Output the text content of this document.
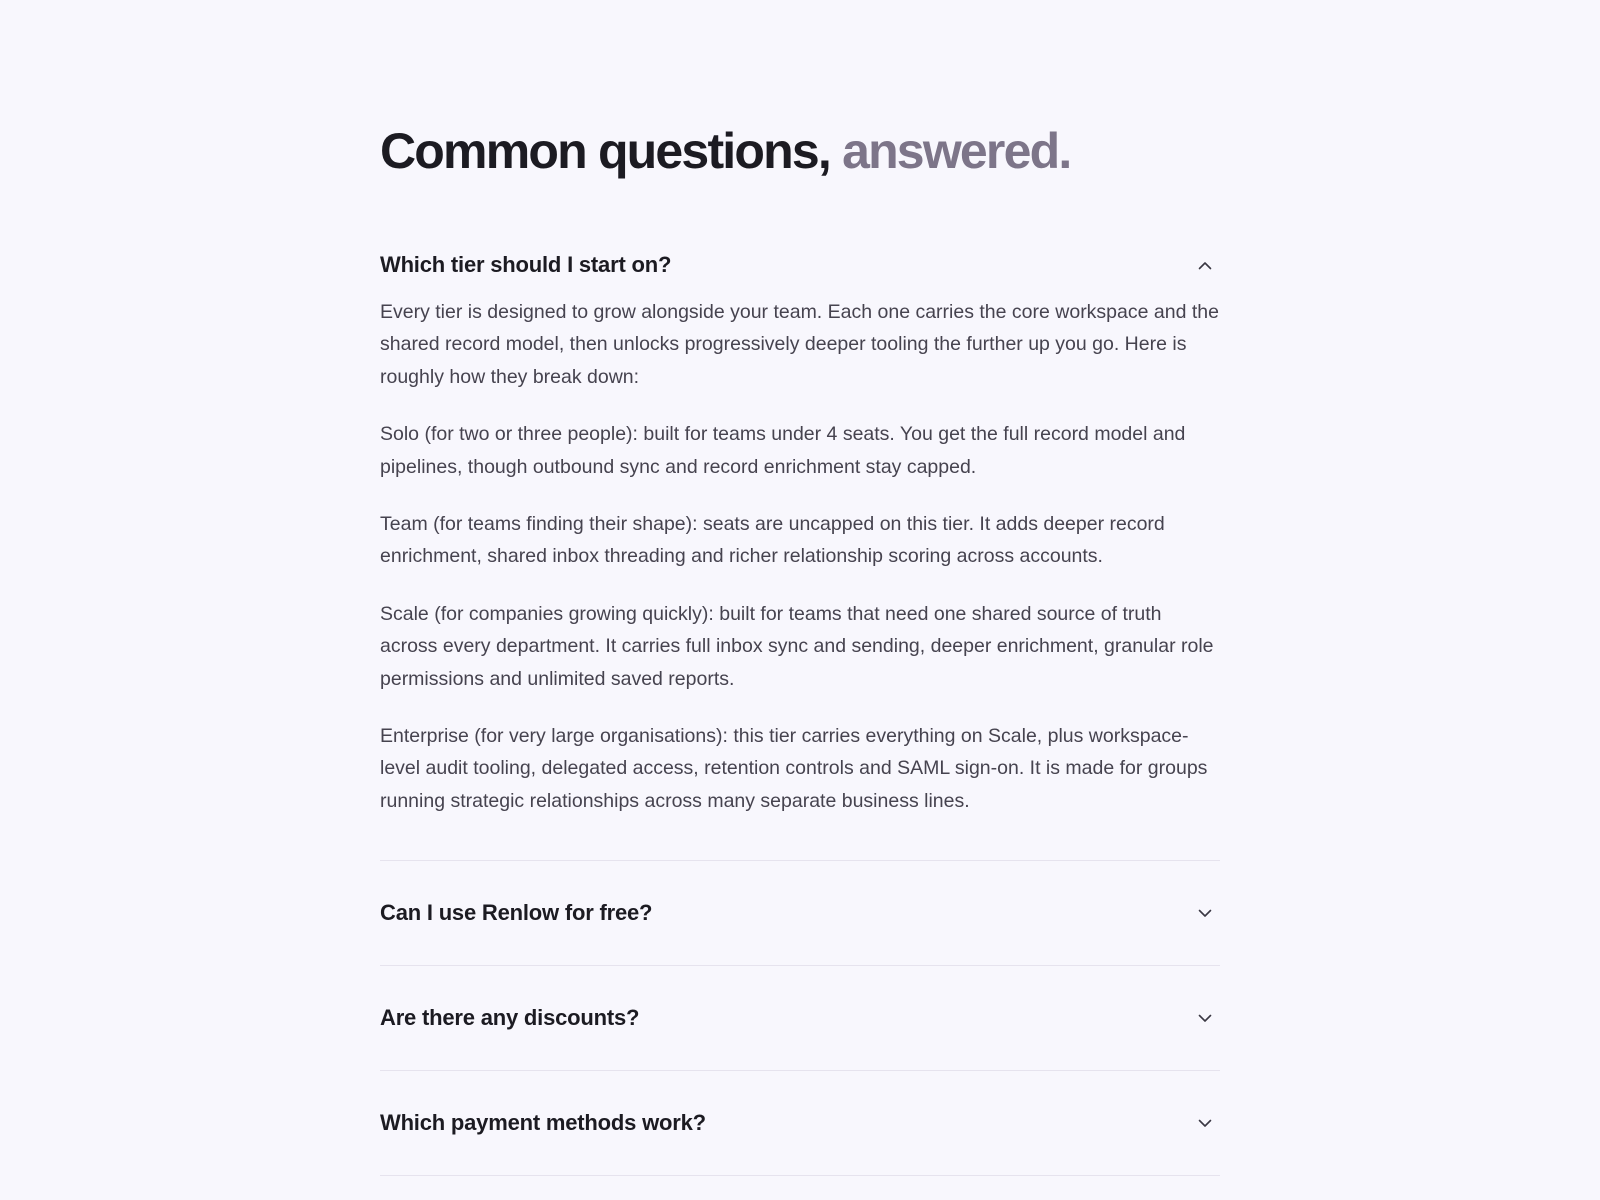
Common questions, answered.
Which tier should I start on?

Every tier is designed to grow alongside your team. Each one carries the core workspace and the shared record model, then unlocks progressively deeper tooling the further up you go. Here is roughly how they break down:

Solo (for two or three people): built for teams under 4 seats. You get the full record model and pipelines, though outbound sync and record enrichment stay capped.

Team (for teams finding their shape): seats are uncapped on this tier. It adds deeper record enrichment, shared inbox threading and richer relationship scoring across accounts.

Scale (for companies growing quickly): built for teams that need one shared source of truth across every department. It carries full inbox sync and sending, deeper enrichment, granular role permissions and unlimited saved reports.

Enterprise (for very large organisations): this tier carries everything on Scale, plus workspace-level audit tooling, delegated access, retention controls and SAML sign-on. It is made for groups running strategic relationships across many separate business lines.

Can I use Renlow for free?
Are there any discounts?
Which payment methods work?
